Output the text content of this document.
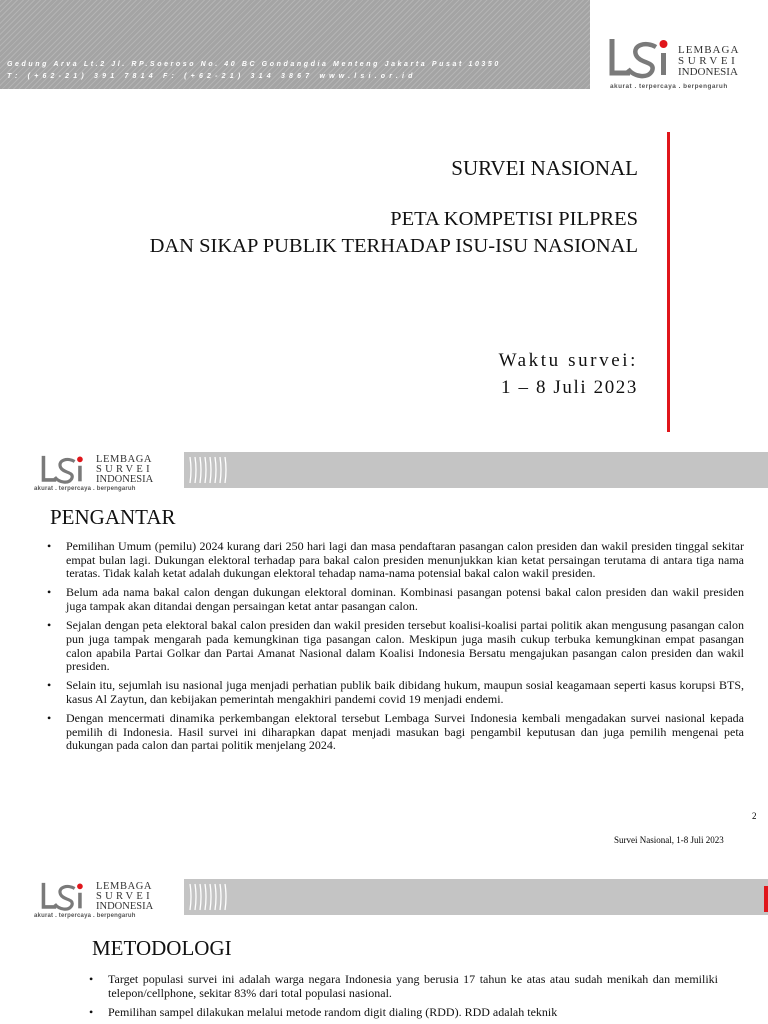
Gedung Arva Lt.2 Jl. RP.Soeroso No. 40 BC Gondangdia Menteng Jakarta Pusat 10350
T: (+62-21) 391 7814 F: (+62-21) 314 3867 www.lsi.or.id
LEMBAGA
SURVEI
INDONESIA
akurat . terpercaya . berpengaruh
SURVEI NASIONAL
PETA KOMPETISI PILPRES
DAN SIKAP PUBLIK TERHADAP ISU-ISU NASIONAL
Waktu survei:
1 – 8 Juli 2023
LEMBAGA
SURVEI
INDONESIA
akurat . terpercaya . berpengaruh
PENGANTAR
• Pemilihan Umum (pemilu) 2024 kurang dari 250 hari lagi dan masa pendaftaran pasangan calon presiden dan wakil presiden tinggal sekitar empat bulan lagi. Dukungan elektoral terhadap para bakal calon presiden menunjukkan kian ketat persaingan terutama di antara tiga nama teratas. Tidak kalah ketat adalah dukungan elektoral tehadap nama-nama potensial bakal calon wakil presiden.
• Belum ada nama bakal calon dengan dukungan elektoral dominan. Kombinasi pasangan potensi bakal calon presiden dan wakil presiden juga tampak akan ditandai dengan persaingan ketat antar pasangan calon.
• Sejalan dengan peta elektoral bakal calon presiden dan wakil presiden tersebut koalisi-koalisi partai politik akan mengusung pasangan calon pun juga tampak mengarah pada kemungkinan tiga pasangan calon. Meskipun juga masih cukup terbuka kemungkinan empat pasangan calon apabila Partai Golkar dan Partai Amanat Nasional dalam Koalisi Indonesia Bersatu mengajukan pasangan calon presiden dan wakil presiden.
• Selain itu, sejumlah isu nasional juga menjadi perhatian publik baik dibidang hukum, maupun sosial keagamaan seperti kasus korupsi BTS, kasus Al Zaytun, dan kebijakan pemerintah mengakhiri pandemi covid 19 menjadi endemi.
• Dengan mencermati dinamika perkembangan elektoral tersebut Lembaga Survei Indonesia kembali mengadakan survei nasional kepada pemilih di Indonesia. Hasil survei ini diharapkan dapat menjadi masukan bagi pengambil keputusan dan juga pemilih mengenai peta dukungan pada calon dan partai politik menjelang 2024.
2
Survei Nasional, 1-8 Juli 2023
LEMBAGA
SURVEI
INDONESIA
akurat . terpercaya . berpengaruh
METODOLOGI
• Target populasi survei ini adalah warga negara Indonesia yang berusia 17 tahun ke atas atau sudah menikah dan memiliki telepon/cellphone, sekitar 83% dari total populasi nasional.
• Pemilihan sampel dilakukan melalui metode random digit dialing (RDD). RDD adalah teknik
